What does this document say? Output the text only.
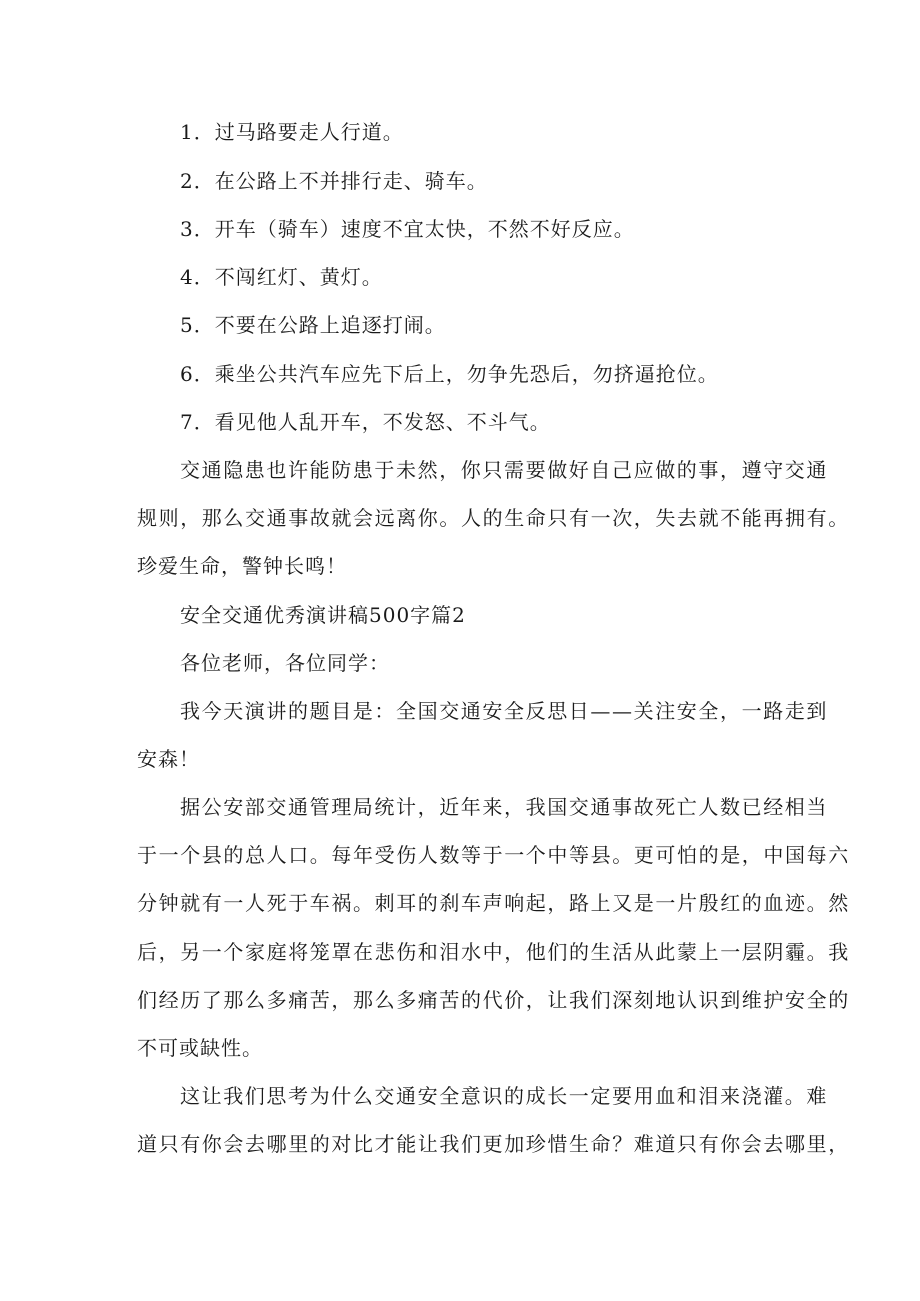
1．过马路要走人行道。

2．在公路上不并排行走、骑车。

3．开车（骑车）速度不宜太快，不然不好反应。

4．不闯红灯、黄灯。

5．不要在公路上追逐打闹。

6．乘坐公共汽车应先下后上，勿争先恐后，勿挤逼抢位。

7．看见他人乱开车，不发怒、不斗气。

交通隐患也许能防患于未然，你只需要做好自己应做的事，遵守交通

规则，那么交通事故就会远离你。人的生命只有一次，失去就不能再拥有。

珍爱生命，警钟长鸣！

安全交通优秀演讲稿500字篇2

各位老师，各位同学：

我今天演讲的题目是：全国交通安全反思日——关注安全，一路走到

安森！

据公安部交通管理局统计，近年来，我国交通事故死亡人数已经相当

于一个县的总人口。每年受伤人数等于一个中等县。更可怕的是，中国每六

分钟就有一人死于车祸。刺耳的刹车声响起，路上又是一片殷红的血迹。然

后，另一个家庭将笼罩在悲伤和泪水中，他们的生活从此蒙上一层阴霾。我

们经历了那么多痛苦，那么多痛苦的代价，让我们深刻地认识到维护安全的

不可或缺性。

这让我们思考为什么交通安全意识的成长一定要用血和泪来浇灌。难

道只有你会去哪里的对比才能让我们更加珍惜生命？难道只有你会去哪里，
